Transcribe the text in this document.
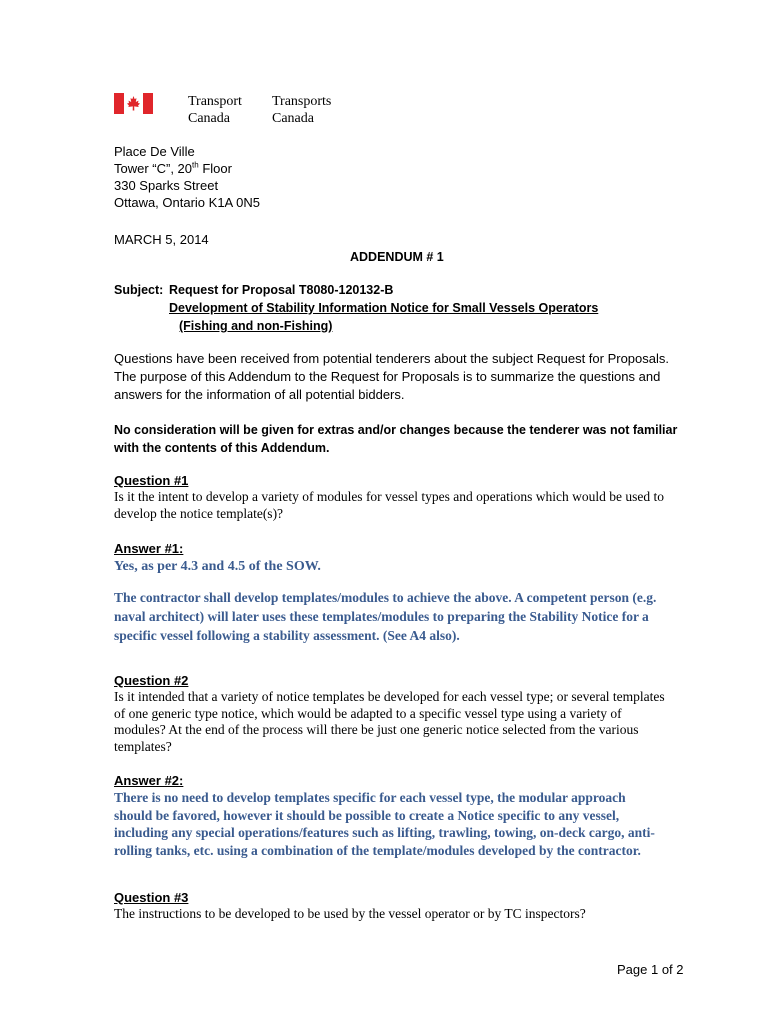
Transport
Canada
Transports
Canada
Place De Ville
Tower “C”, 20th Floor
330 Sparks Street
Ottawa, Ontario K1A 0N5
MARCH 5, 2014
ADDENDUM # 1
Subject: Request for Proposal T8080-120132-B
Development of Stability Information Notice for Small Vessels Operators
(Fishing and non-Fishing)
Questions have been received from potential tenderers about the subject Request for Proposals.
The purpose of this Addendum to the Request for Proposals is to summarize the questions and
answers for the information of all potential bidders.
No consideration will be given for extras and/or changes because the tenderer was not familiar
with the contents of this Addendum.
Question #1
Is it the intent to develop a variety of modules for vessel types and operations which would be used to
develop the notice template(s)?
Answer #1:
Yes, as per 4.3 and 4.5 of the SOW.
The contractor shall develop templates/modules to achieve the above. A competent person (e.g.
naval architect) will later uses these templates/modules to preparing the Stability Notice for a
specific vessel following a stability assessment. (See A4 also).
Question #2
Is it intended that a variety of notice templates be developed for each vessel type; or several templates
of one generic type notice, which would be adapted to a specific vessel type using a variety of
modules? At the end of the process will there be just one generic notice selected from the various
templates?
Answer #2:
There is no need to develop templates specific for each vessel type, the modular approach
should be favored, however it should be possible to create a Notice specific to any vessel,
including any special operations/features such as lifting, trawling, towing, on-deck cargo, anti-
rolling tanks, etc. using a combination of the template/modules developed by the contractor.
Question #3
The instructions to be developed to be used by the vessel operator or by TC inspectors?
Page 1 of 2
